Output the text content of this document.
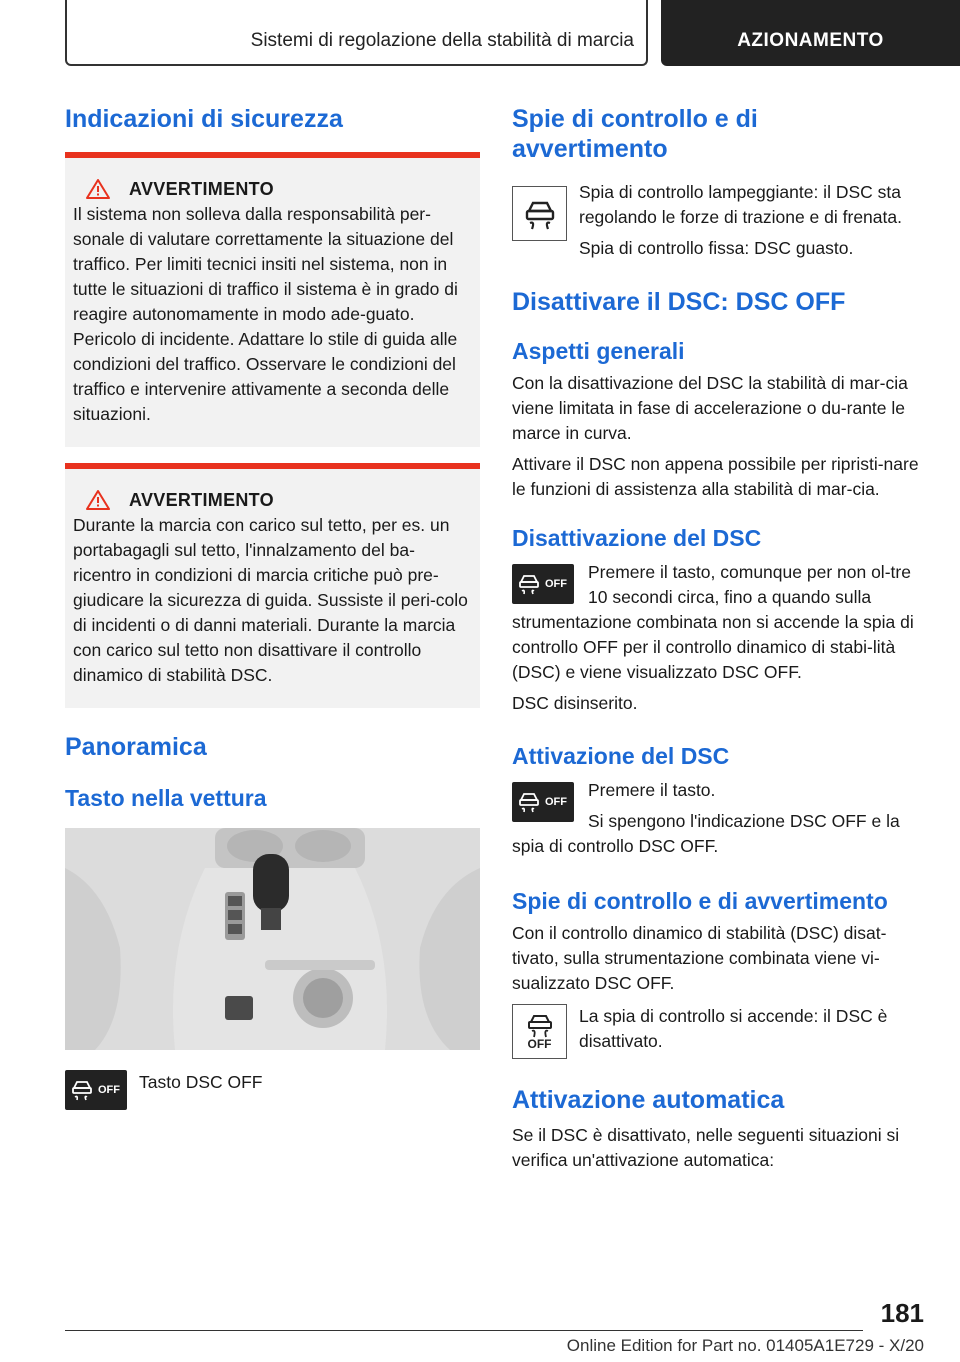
Sistemi di regolazione della stabilità di marcia	AZIONAMENTO
Indicazioni di sicurezza
AVVERTIMENTO

Il sistema non solleva dalla responsabilità per-sonale di valutare correttamente la situazione del traffico. Per limiti tecnici insiti nel sistema, non in tutte le situazioni di traffico il sistema è in grado di reagire autonomamente in modo ade-guato. Pericolo di incidente. Adattare lo stile di guida alle condizioni del traffico. Osservare le condizioni del traffico e intervenire attivamente a seconda delle situazioni.

AVVERTIMENTO

Durante la marcia con carico sul tetto, per es. un portabagagli sul tetto, l'innalzamento del ba-ricentro in condizioni di marcia critiche può pre-giudicare la sicurezza di guida. Sussiste il peri-colo di incidenti o di danni materiali. Durante la marcia con carico sul tetto non disattivare il controllo dinamico di stabilità DSC.

Panoramica
Tasto nella vettura
OFF Tasto DSC OFF

Spie di controllo e di avvertimento

Spia di controllo lampeggiante: il DSC sta regolando le forze di trazione e di frenata.

Spia di controllo fissa: DSC guasto.

Disattivare il DSC: DSC OFF
Aspetti generali

Con la disattivazione del DSC la stabilità di mar-cia viene limitata in fase di accelerazione o du-rante le marce in curva.

Attivare il DSC non appena possibile per ripristi-nare le funzioni di assistenza alla stabilità di mar-cia.

Disattivazione del DSC
OFF

Premere il tasto, comunque per non ol-tre 10 secondi circa, fino a quando sulla strumentazione combinata non si accende la spia di controllo OFF per il controllo dinamico di stabi-lità (DSC) e viene visualizzato DSC OFF.

DSC disinserito.

Attivazione del DSC
OFF

Premere il tasto.

Si spengono l'indicazione DSC OFF e la spia di controllo DSC OFF.

Spie di controllo e di avvertimento

Con il controllo dinamico di stabilità (DSC) disat-tivato, sulla strumentazione combinata viene vi-sualizzato DSC OFF.

OFF

La spia di controllo si accende: il DSC è disattivato.

Attivazione automatica

Se il DSC è disattivato, nelle seguenti situazioni si verifica un'attivazione automatica:

181
Online Edition for Part no. 01405A1E729 - X/20
